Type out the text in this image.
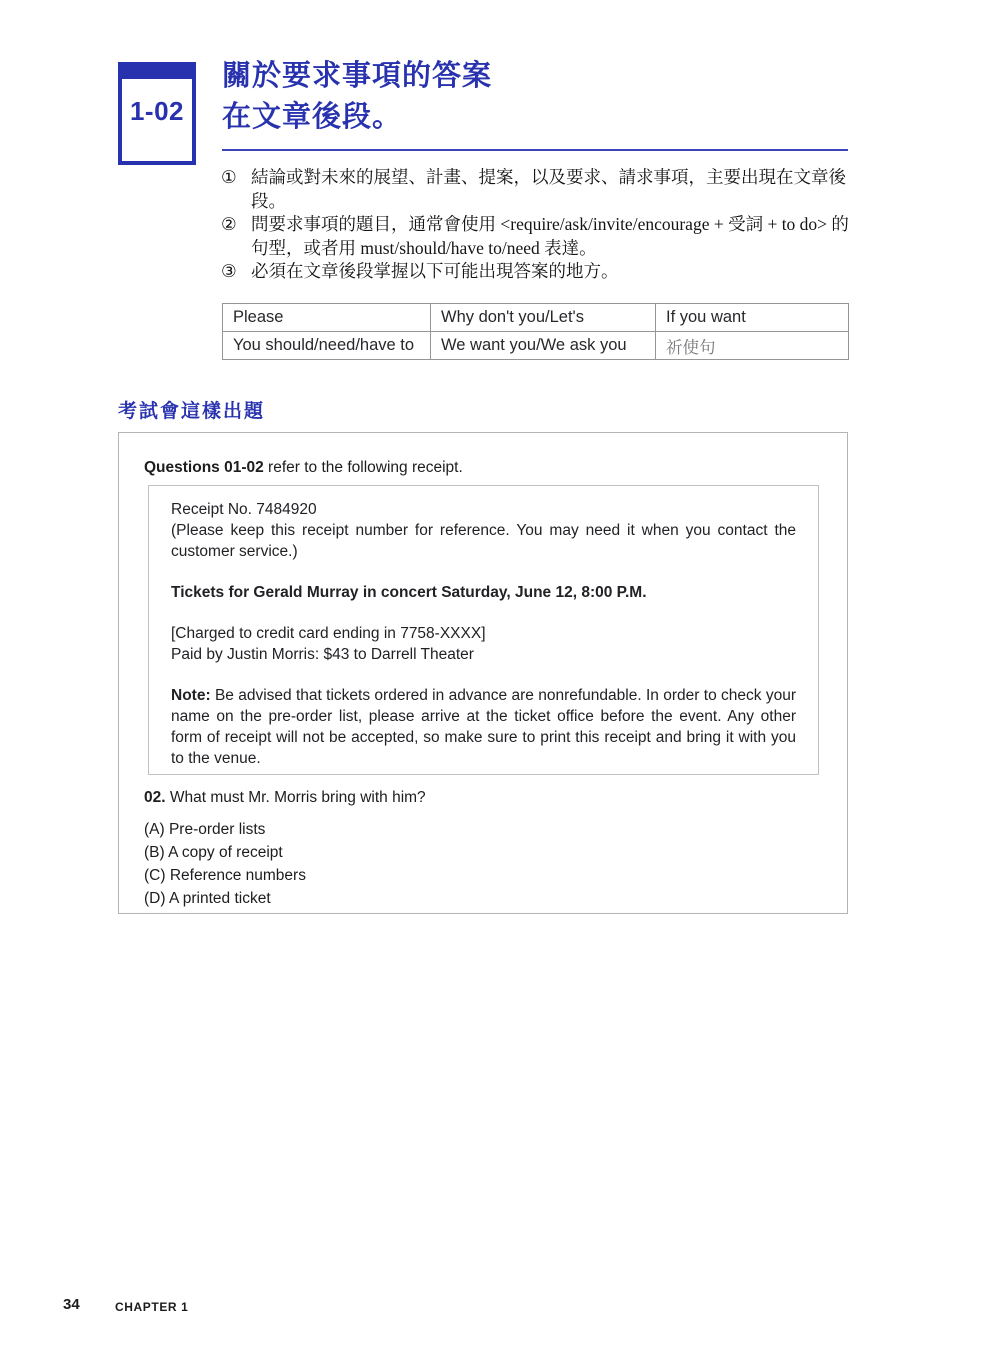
1-02
關於要求事項的答案
在文章後段。
① 結論或對未來的展望、計畫、提案，以及要求、請求事項，主要出現在文章後段。
② 問要求事項的題目，通常會使用 <require/ask/invite/encourage + 受詞 + to do> 的句型，或者用 must/should/have to/need 表達。
③ 必須在文章後段掌握以下可能出現答案的地方。
Please	Why don't you/Let's	If you want
You should/need/have to	We want you/We ask you	祈使句
考試會這樣出題
Questions 01-02 refer to the following receipt.

Receipt No. 7484920

(Please keep this receipt number for reference. You may need it when you contact the customer service.)

Tickets for Gerald Murray in concert Saturday, June 12, 8:00 P.M.

[Charged to credit card ending in 7758-XXXX]

Paid by Justin Morris: $43 to Darrell Theater

Note: Be advised that tickets ordered in advance are nonrefundable. In order to check your name on the pre-order list, please arrive at the ticket office before the event. Any other form of receipt will not be accepted, so make sure to print this receipt and bring it with you to the venue.

02. What must Mr. Morris bring with him?
(A) Pre-order lists
(B) A copy of receipt
(C) Reference numbers
(D) A printed ticket
34	CHAPTER 1
